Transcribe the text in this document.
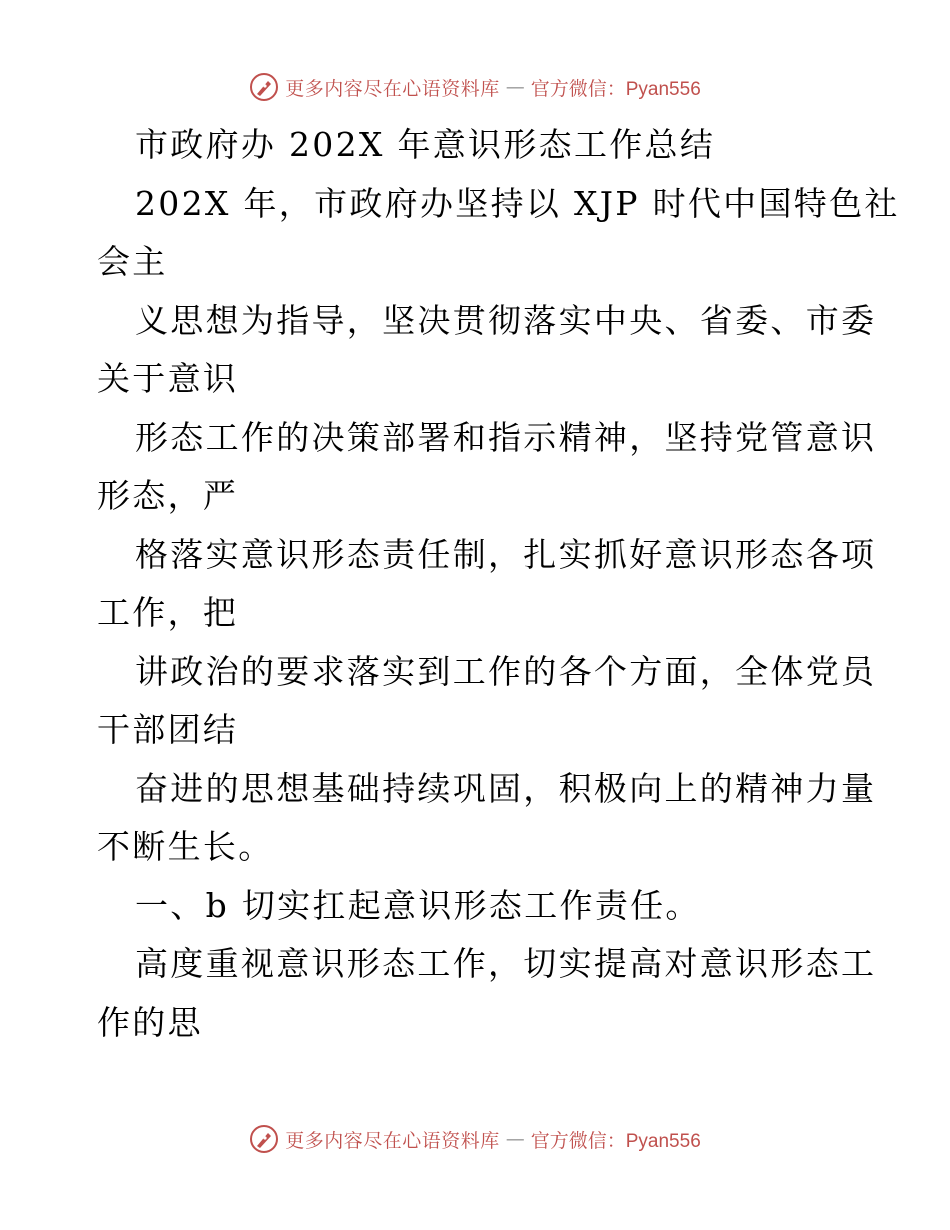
更多内容尽在心语资料库 — 官方微信：Pyan556
市政府办 202X 年意识形态工作总结
202X 年，市政府办坚持以 XJP 时代中国特色社
会主
义思想为指导，坚决贯彻落实中央、省委、市委
关于意识
形态工作的决策部署和指示精神，坚持党管意识
形态，严
格落实意识形态责任制，扎实抓好意识形态各项
工作，把
讲政治的要求落实到工作的各个方面，全体党员
干部团结
奋进的思想基础持续巩固，积极向上的精神力量
不断生长。
一、b 切实扛起意识形态工作责任。
高度重视意识形态工作，切实提高对意识形态工
作的思
更多内容尽在心语资料库 — 官方微信：Pyan556
